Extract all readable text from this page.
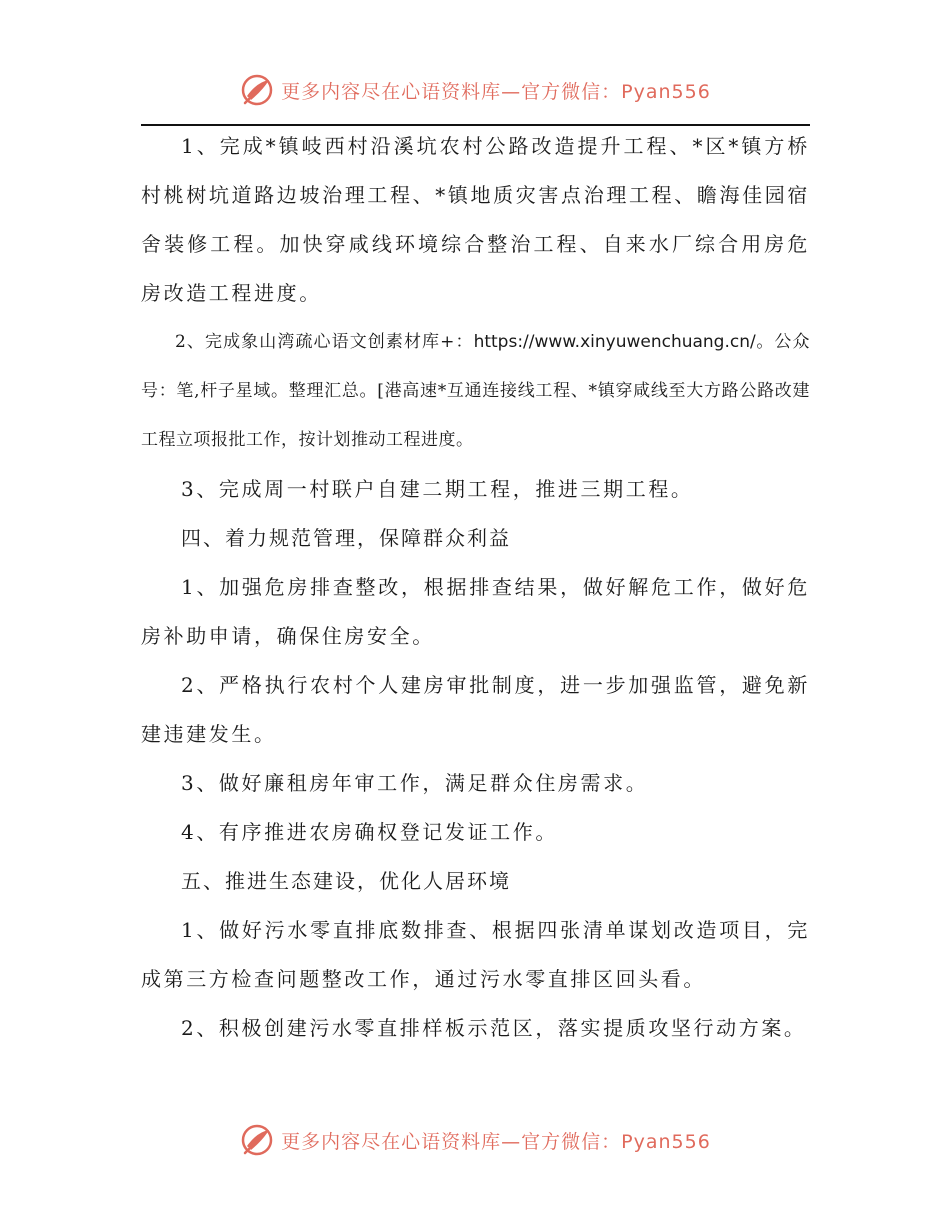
更多内容尽在心语资料库—官方微信：Pyan556

1、完成*镇岐西村沿溪坑农村公路改造提升工程、*区*镇方桥村桃树坑道路边坡治理工程、*镇地质灾害点治理工程、瞻海佳园宿舍装修工程。加快穿咸线环境综合整治工程、自来水厂综合用房危房改造工程进度。

2、完成象山湾疏心语文创素材库+：https://www.xinyuwenchuang.cn/。公众号：笔,杆子星域。整理汇总。[港高速*互通连接线工程、*镇穿咸线至大方路公路改建工程立项报批工作，按计划推动工程进度。

3、完成周一村联户自建二期工程，推进三期工程。

四、着力规范管理，保障群众利益

1、加强危房排查整改，根据排查结果，做好解危工作，做好危房补助申请，确保住房安全。

2、严格执行农村个人建房审批制度，进一步加强监管，避免新建违建发生。

3、做好廉租房年审工作，满足群众住房需求。

4、有序推进农房确权登记发证工作。

五、推进生态建设，优化人居环境

1、做好污水零直排底数排查、根据四张清单谋划改造项目，完成第三方检查问题整改工作，通过污水零直排区回头看。

2、积极创建污水零直排样板示范区，落实提质攻坚行动方案。

更多内容尽在心语资料库—官方微信：Pyan556
